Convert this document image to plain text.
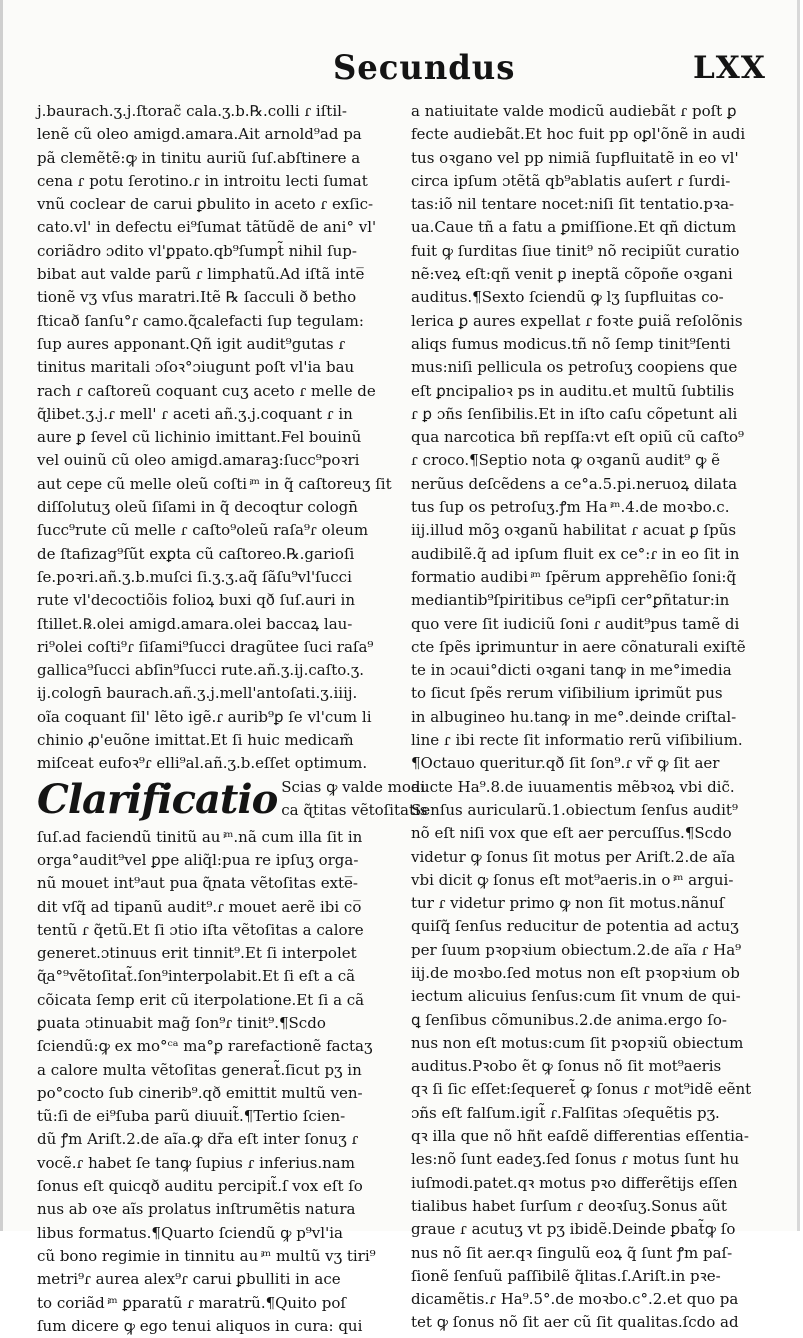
Secundus	LXX
j.baurach.ʒ.j.ſtorac̃ cala.ʒ.b.℞.colli ɾ iſtil-
lenẽ cũ oleo amigd.amara.Ait arnold⁹ad pa
pã clemẽtẽ:ꝙ in tinitu auriũ ſuſ.abſtinere a
cena ɾ potu ſerotino.ɾ in introitu lecti ſumat
vnũ coclear de carui ꝑbulito in aceto ɾ exſic-
cato.vl' in defectu ei⁹ſumat tãtũdẽ de ani° vl'
coriãdro ɔdito vl'ꝑpato.qb⁹ſumpt̃ nihil ſup-
bibat aut valde parũ ɾ limphatũ.Ad iſtã inte̅
tionẽ vʒ vſus maratri.Itẽ ℞ ſacculi ð betho
ſticað ſanſu°ɾ camo.ɋ̃calefacti ſup tegulam:
ſup aures apponant.Qñ igit audit⁹gutas ɾ
tinitus maritali ɔſoꝛ°ɔiugunt poſt vl'ia bau
rach ɾ caſtoreũ coquant cuʒ aceto ɾ melle de
ɋ̃libet.ʒ.j.ɾ mell' ɾ aceti añ.ʒ.j.coquant ɾ in
aure ꝑ ſevel cũ lichinio imittant.Fel bouinũ
vel ouinũ cũ oleo amigd.amaraꝫ:ſucc⁹poꝛri
aut cepe cũ melle oleũ coſti ͥᵐ in q̃ caſtoreuʒ ſit
diſſolutuʒ oleũ ſiſami in q̃ decoqtur cologn̄
ſucc⁹rute cũ melle ɾ caſto⁹oleũ raſa⁹ɾ oleum
de ſtafizag⁹ſũt exꝑta cũ caſtoreo.℞.garioſi
ſe.poꝛri.añ.ʒ.b.muſci ſi.ʒ.ʒ.aq̃ ſãſu⁹vl'ſucci
rute vl'decoctiõis folioꝝ buxi qð ſuſ.auri in
ſtillet.℞.olei amigd.amara.olei baccaꝝ lau-
ri⁹olei coſti⁹ɾ ſiſami⁹ſucci dragũtee ſuci raſa⁹
gallica⁹ſucci abſin⁹ſucci rute.añ.ʒ.ij.caſto.ʒ.
ij.cologn̄ baurach.añ.ʒ.j.mell'antoſati.ʒ.iiij.
oĩa coquant ſil' lẽto igẽ.ɾ aurib⁹ꝑ ſe vl'cum li
chinio ꝓ'euõne imittat.Et ſi huic medicam̃
miſceat eufoꝛ⁹ɾ elli⁹al.añ.ʒ.b.eſſet optimum.
Clarificatio Scias ꝙ valde modi
ca ɋ̃titas vẽtoſitatis
ſuſ.ad faciendũ tinitũ au ͥᵐ.nã cum illa ſit in
orga°audit⁹vel ꝑpe aliq̃l:pua re ipſuʒ orga-
nũ mouet int⁹aut pua ɋ̃nata vẽtoſitas exte̅-
dit vſq̃ ad tipanũ audit⁹.ɾ mouet aerẽ ibi co̅
tentũ ɾ q̃etũ.Et ſi ɔtio iſta vẽtoſitas a calore
generet.ɔtinuus erit tinnit⁹.Et ſi interpolet
ɋ̃a°⁹vẽtoſitat̃.ſon⁹interpolabit.Et ſi eſt a cã
cõicata ſemp erit cũ iterpolatione.Et ſi a cã
ꝑuata ɔtinuabit mag̃ ſon⁹ɾ tinit⁹.¶Scdo
ſciendũ:ꝙ ex mo°ᶜᵃ ma°ꝑ rarefactionẽ factaʒ
a calore multa vẽtoſitas generat̃.ſicut pʒ in
po°cocto ſub cinerib⁹.qð emittit multũ ven-
tũ:ſi de ei⁹ſuba parũ diuuit̃.¶Tertio ſcien-
dũ ꝭm Ariſt.2.de aĩa.ꝙ dr̃a eſt inter ſonuʒ ɾ
vocẽ.ɾ habet ſe tanꝙ ſupius ɾ inferius.nam
ſonus eſt quicqð auditu percipit̃.ſ vox eſt ſo
nus ab oꝛe aĩs prolatus inſtrumẽtis natura
libus formatus.¶Quarto ſciendũ ꝙ p⁹vl'ia
cũ bono regimie in tinnitu au ͥᵐ multũ vʒ tiri⁹
metri⁹ɾ aurea alex⁹ɾ carui ꝑbulliti in ace
to coriãd ͥᵐ ꝑparatũ ɾ maratrũ.¶Quito poſ
ſum dicere ꝙ ego tenui aliquos in cura: qui
a natiuitate valde modicũ audiebãt ɾ poſt ꝑ
fecte audiebãt.Et hoc fuit pp oꝑl'õnẽ in audi
tus oꝛgano vel pp nimiã ſupfluitatẽ in eo vl'
circa ipſum ɔtẽtã qb⁹ablatis auſert ɾ ſurdi-
tas:iõ nil tentare nocet:niſi ſit tentatio.pꝛa-
ua.Caue tñ a fatu a ꝑmiſſione.Et qñ dictum
fuit ꝙ ſurditas ſiue tinit⁹ nõ recipiũt curatio
nẽ:veꝝ eſt:qñ venit ꝑ ineptã cõpoñe oꝛgani
auditus.¶Sexto ſciendũ ꝙ lʒ ſupfluitas co-
lerica ꝑ aures expellat ɾ foꝛte ꝑuiã reſolõnis
aliqs fumus modicus.tñ nõ ſemp tinit⁹ſenti
mus:niſi pellicula os petroſuʒ coopiens que
eſt ꝑncipalioꝛ ps in auditu.et multũ ſubtilis
ɾ ꝑ ɔñs ſenſibilis.Et in iſto caſu cõpetunt ali
qua narcotica bñ repſſa:vt eſt opiũ cũ caſto⁹
ɾ croco.¶Septio nota ꝙ oꝛganũ audit⁹ ꝙ ẽ
nerũus deſcẽdens a ce°a.5.pi.neruoꝝ dilata
tus ſup os petroſuʒ.ꝭm Ha ͥᵐ.4.de moꝛbo.c.
iij.illud mõꝫ oꝛganũ habilitat ɾ acuat ꝑ ſpũs
audibilẽ.q̃ ad ipſum fluit ex ce°:ɾ in eo ſit in
formatio audibi ͥᵐ ſpẽrum apprehẽſio ſoni:q̃
mediantib⁹ſpiritibus ce⁹ipſi cer°ꝑñtatur:in
quo vere ſit iudiciũ ſoni ɾ audit⁹pus tamẽ di
cte ſpẽs iꝑrimuntur in aere cõnaturali exiſtẽ
te in ɔcaui°dicti oꝛgani tanꝙ in me°imedia
to ſicut ſpẽs rerum viſibilium iꝑrimũt pus
in albugineo hu.tanꝙ in me°.deinde criſtal-
line ɾ ibi recte ſit informatio rerũ viſibilium.
¶Octauo queritur.qð ſit ſon⁹.ɾ vr̃ ꝙ ſit aer
aucte Ha⁹.8.de iuuamentis mẽbꝛoꝝ vbi dic̃.
Senſus auricularũ.1.obiectum ſenſus audit⁹
nõ eſt niſi vox que eſt aer percuſſus.¶Scdo
videtur ꝙ ſonus ſit motus per Ariſt.2.de aĩa
vbi dicit ꝙ ſonus eſt mot⁹aeris.in o ͥᵐ argui-
tur ɾ videtur primo ꝙ non ſit motus.nãnuſ
quiſq̃ ſenſus reducitur de potentia ad actuʒ
per ſuum pꝛopꝛium obiectum.2.de aĩa ɾ Ha⁹
iij.de moꝛbo.ſed motus non eſt pꝛopꝛium ob
iectum alicuius ſenſus:cum ſit vnum de qui-
ꝗ ſenſibus cõmunibus.2.de anima.ergo ſo-
nus non eſt motus:cum ſit pꝛopꝛiũ obiectum
auditus.Pꝛobo ẽt ꝙ ſonus nõ ſit mot⁹aeris
qꝛ ſi ſic eſſet:ſequeret̃ ꝙ ſonus ɾ mot⁹idẽ eẽnt
ɔñs eſt falſum.igit̃ ɾ.Falſitas ɔſequẽtis pʒ.
qꝛ illa que nõ hñt eaſdẽ differentias eſſentia-
les:nõ ſunt eadeʒ.ſed ſonus ɾ motus ſunt hu
iuſmodi.patet.qꝛ motus pꝛo differẽtijs eſſen
tialibus habet ſurſum ɾ deoꝛſuʒ.Sonus aũt
graue ɾ acutuʒ vt pʒ ibidẽ.Deinde ꝑbat̃ꝙ ſo
nus nõ ſit aer.qꝛ ſingulũ eoꝝ q̃ ſunt ꝭm paſ-
ſionẽ ſenſuũ paſſibilẽ q̃litas.ſ.Ariſt.in pꝛe-
dicamẽtis.ɾ Ha⁹.5°.de moꝛbo.c°.2.et quo pa
tet ꝙ ſonus nõ ſit aer cũ ſit qualitas.ſcdo ad
